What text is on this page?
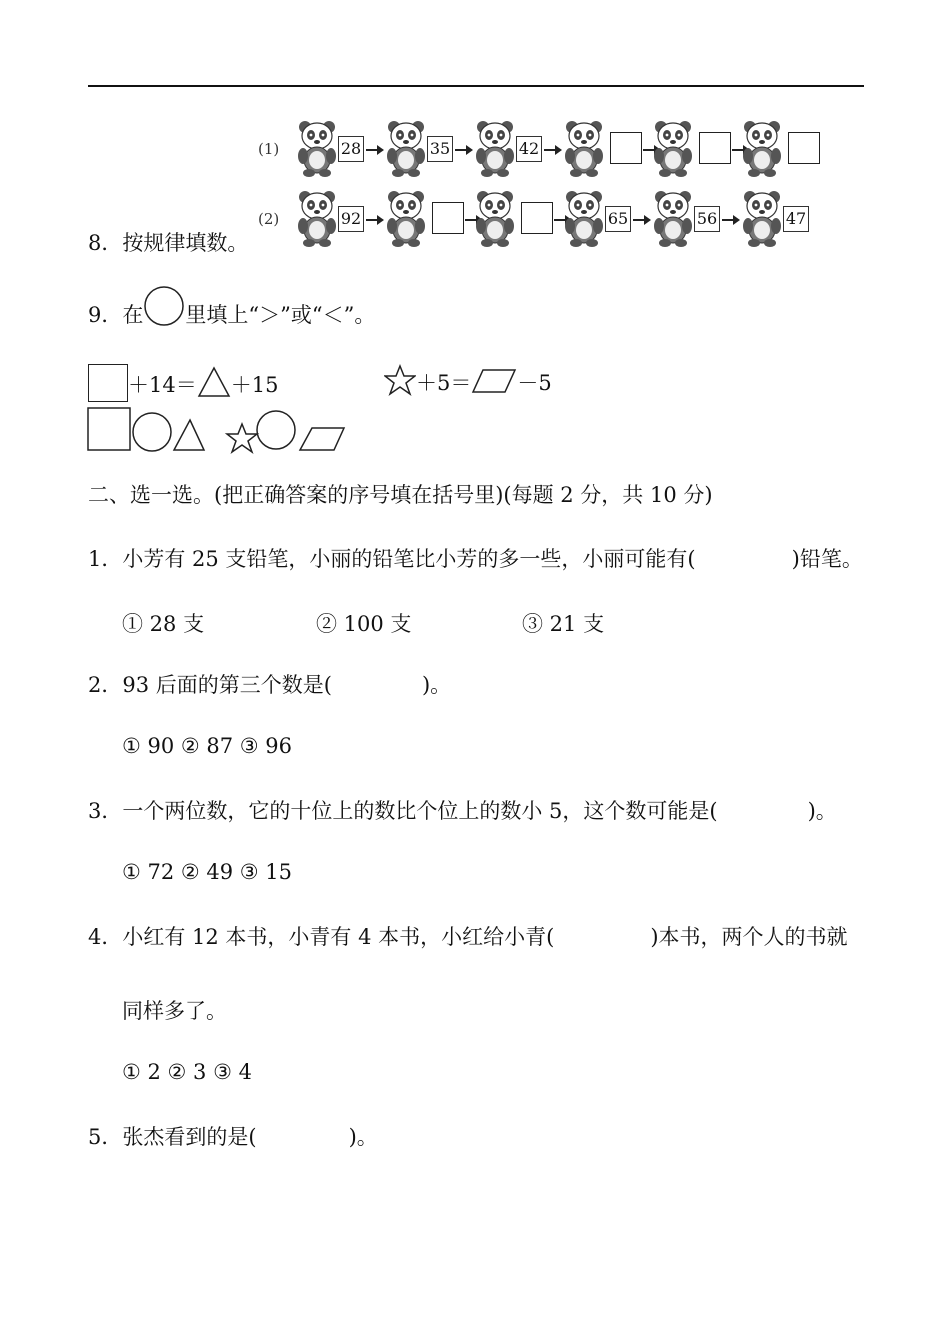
(1)
(2)
28	35	42
92	65	56	47
8．按规律填数。
9．在 里填上“＞”或“＜”。
＋14＝ ＋15	＋5＝ －5
二、选一选。(把正确答案的序号填在括号里)(每题 2 分，共 10 分)
1．小芳有 25 支铅笔，小丽的铅笔比小芳的多一些，小丽可能有(	)铅笔。
① 28 支	② 100 支	③ 21 支
2．93 后面的第三个数是(	)。
① 90 ② 87 ③ 96
3．一个两位数，它的十位上的数比个位上的数小 5，这个数可能是(	)。
① 72 ② 49 ③ 15
4．小红有 12 本书，小青有 4 本书，小红给小青(	)本书，两个人的书就
同样多了。
① 2 ② 3 ③ 4
5．张杰看到的是(	)。
